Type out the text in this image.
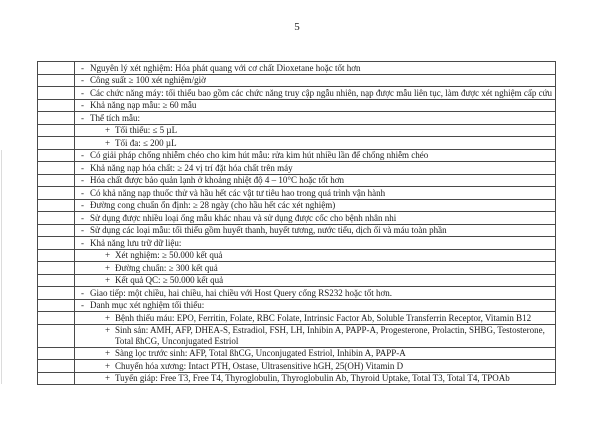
5

	- Nguyên lý xét nghiệm: Hóa phát quang với cơ chất Dioxetane hoặc tốt hơn

	- Công suất ≥ 100 xét nghiệm/giờ

	- Các chức năng máy: tối thiểu bao gồm các chức năng truy cập ngẫu nhiên, nạp được mẫu liên tục, làm được xét nghiệm cấp cứu

	- Khả năng nạp mẫu: ≥ 60 mẫu

	- Thể tích mẫu:

	+ Tối thiểu: ≤ 5 µL

	+ Tối đa: ≤ 200 µL

	- Có giải pháp chống nhiễm chéo cho kim hút mẫu: rửa kim hút nhiều lần để chống nhiễm chéo

	- Khả năng nạp hóa chất: ≥ 24 vị trí đặt hóa chất trên máy

	- Hóa chất được bảo quản lạnh ở khoảng nhiệt độ 4 – 10°C hoặc tốt hơn

	- Có khả năng nạp thuốc thử và hầu hết các vật tư tiêu hao trong quá trình vận hành

	- Đường cong chuẩn ổn định: ≥ 28 ngày (cho hầu hết các xét nghiệm)

	- Sử dụng được nhiều loại ống mẫu khác nhau và sử dụng được cốc cho bệnh nhân nhi

	- Sử dụng các loại mẫu: tối thiểu gồm huyết thanh, huyết tương, nước tiểu, dịch ối và máu toàn phần

	- Khả năng lưu trữ dữ liệu:

	+ Xét nghiệm: ≥ 50.000 kết quả

	+ Đường chuẩn: ≥ 300 kết quả

	+ Kết quả QC: ≥ 50.000 kết quả

	- Giao tiếp: một chiều, hai chiều, hai chiều với Host Query cổng RS232 hoặc tốt hơn.

	- Danh mục xét nghiệm tối thiểu:

	+ Bệnh thiếu máu: EPO, Ferritin, Folate, RBC Folate, Intrinsic Factor Ab, Soluble Transferrin Receptor, Vitamin B12

	+ Sinh sản: AMH, AFP, DHEA-S, Estradiol, FSH, LH, Inhibin A, PAPP-A, Progesterone, Prolactin, SHBG, Testosterone, Total ßhCG, Unconjugated Estriol

	+ Sàng lọc trước sinh: AFP, Total ßhCG, Unconjugated Estriol, Inhibin A, PAPP-A

	+ Chuyển hóa xương: Intact PTH, Ostase, Ultrasensitive hGH, 25(OH) Vitamin D

	+ Tuyến giáp: Free T3, Free T4, Thyroglobulin, Thyroglobulin Ab, Thyroid Uptake, Total T3, Total T4, TPOAb
